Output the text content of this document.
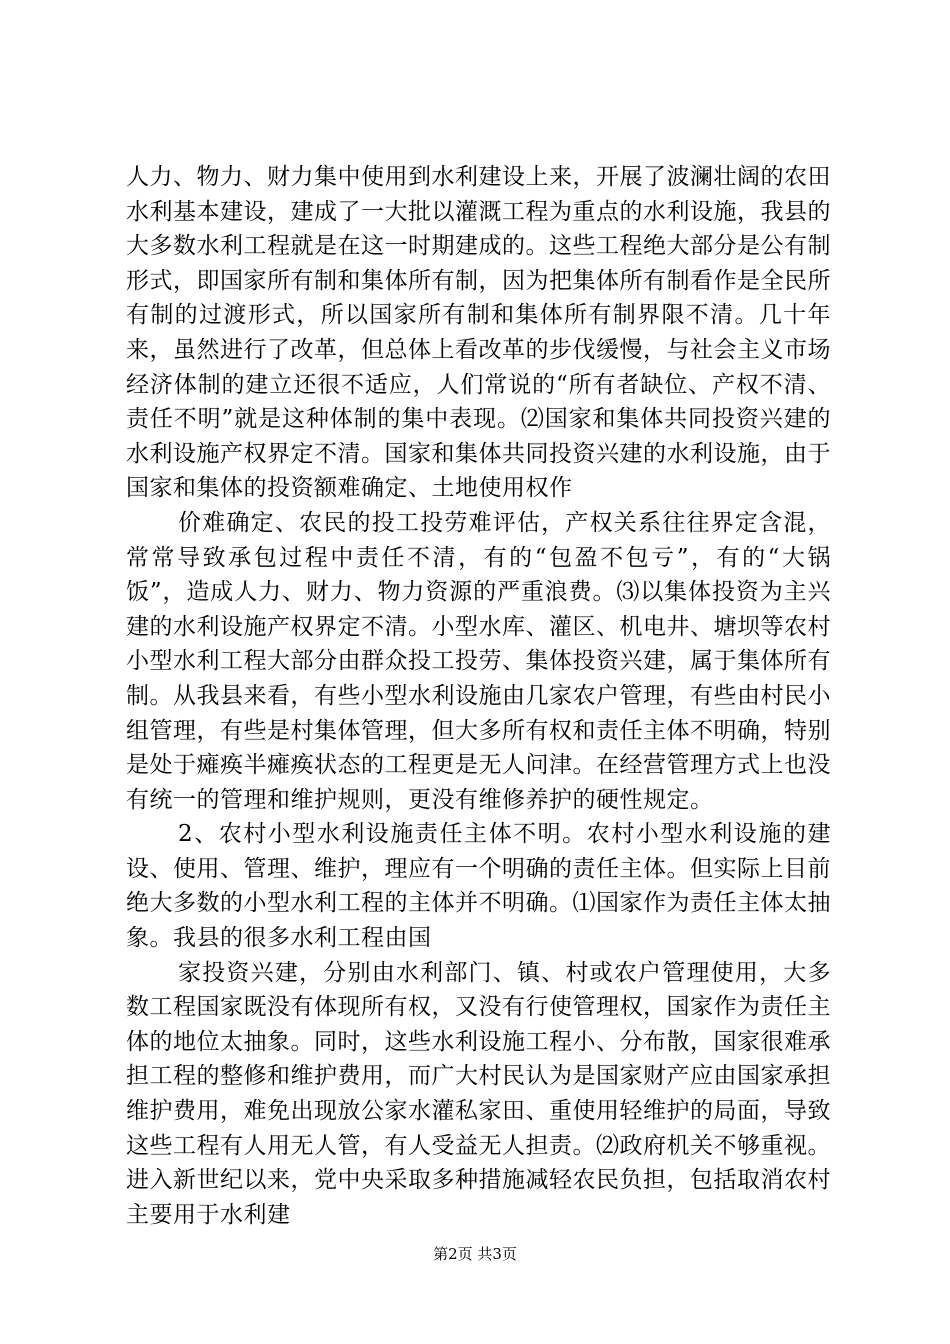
人力、物力、财力集中使用到水利建设上来，开展了波澜壮阔的农田水利基本建设，建成了一大批以灌溉工程为重点的水利设施，我县的大多数水利工程就是在这一时期建成的。这些工程绝大部分是公有制形式，即国家所有制和集体所有制，因为把集体所有制看作是全民所有制的过渡形式，所以国家所有制和集体所有制界限不清。几十年来，虽然进行了改革，但总体上看改革的步伐缓慢，与社会主义市场经济体制的建立还很不适应，人们常说的“所有者缺位、产权不清、责任不明”就是这种体制的集中表现。⑵国家和集体共同投资兴建的水利设施产权界定不清。国家和集体共同投资兴建的水利设施，由于国家和集体的投资额难确定、土地使用权作

价难确定、农民的投工投劳难评估，产权关系往往界定含混，常常导致承包过程中责任不清，有的“包盈不包亏”，有的“大锅饭”，造成人力、财力、物力资源的严重浪费。⑶以集体投资为主兴建的水利设施产权界定不清。小型水库、灌区、机电井、塘坝等农村小型水利工程大部分由群众投工投劳、集体投资兴建，属于集体所有制。从我县来看，有些小型水利设施由几家农户管理，有些由村民小组管理，有些是村集体管理，但大多所有权和责任主体不明确，特别是处于瘫痪半瘫痪状态的工程更是无人问津。在经营管理方式上也没有统一的管理和维护规则，更没有维修养护的硬性规定。

2、农村小型水利设施责任主体不明。农村小型水利设施的建设、使用、管理、维护，理应有一个明确的责任主体。但实际上目前绝大多数的小型水利工程的主体并不明确。⑴国家作为责任主体太抽象。我县的很多水利工程由国

家投资兴建，分别由水利部门、镇、村或农户管理使用，大多数工程国家既没有体现所有权，又没有行使管理权，国家作为责任主体的地位太抽象。同时，这些水利设施工程小、分布散，国家很难承担工程的整修和维护费用，而广大村民认为是国家财产应由国家承担维护费用，难免出现放公家水灌私家田、重使用轻维护的局面，导致这些工程有人用无人管，有人受益无人担责。⑵政府机关不够重视。进入新世纪以来，党中央采取多种措施减轻农民负担，包括取消农村主要用于水利建

第2页 共3页
